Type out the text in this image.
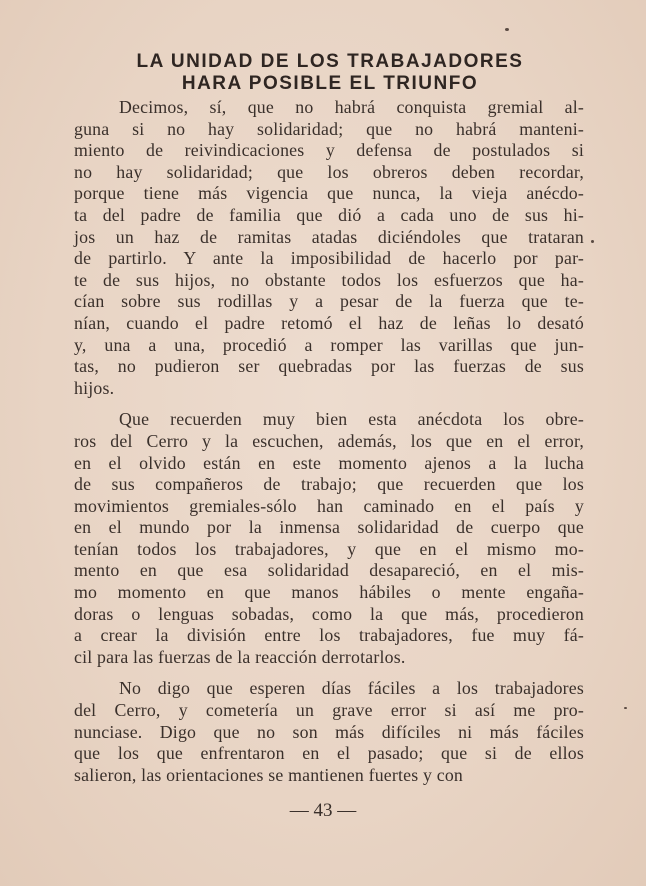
LA UNIDAD DE LOS TRABAJADORES
HARA POSIBLE EL TRIUNFO
Decimos, sí, que no habrá conquista gremial al-
guna si no hay solidaridad; que no habrá manteni-
miento de reivindicaciones y defensa de postulados si
no hay solidaridad; que los obreros deben recordar,
porque tiene más vigencia que nunca, la vieja anécdo-
ta del padre de familia que dió a cada uno de sus hi-
jos un haz de ramitas atadas diciéndoles que trataran
de partirlo. Y ante la imposibilidad de hacerlo por par-
te de sus hijos, no obstante todos los esfuerzos que ha-
cían sobre sus rodillas y a pesar de la fuerza que te-
nían, cuando el padre retomó el haz de leñas lo desató
y, una a una, procedió a romper las varillas que jun-
tas, no pudieron ser quebradas por las fuerzas de sus
hijos.
Que recuerden muy bien esta anécdota los obre-
ros del Cerro y la escuchen, además, los que en el error,
en el olvido están en este momento ajenos a la lucha
de sus compañeros de trabajo; que recuerden que los
movimientos gremiales-sólo han caminado en el país y
en el mundo por la inmensa solidaridad de cuerpo que
tenían todos los trabajadores, y que en el mismo mo-
mento en que esa solidaridad desapareció, en el mis-
mo momento en que manos hábiles o mente engaña-
doras o lenguas sobadas, como la que más, procedieron
a crear la división entre los trabajadores, fue muy fá-
cil para las fuerzas de la reacción derrotarlos.
No digo que esperen días fáciles a los trabajadores
del Cerro, y cometería un grave error si así me pro-
nunciase. Digo que no son más difíciles ni más fáciles
que los que enfrentaron en el pasado; que si de ellos
salieron, las orientaciones se mantienen fuertes y con
— 43 —
